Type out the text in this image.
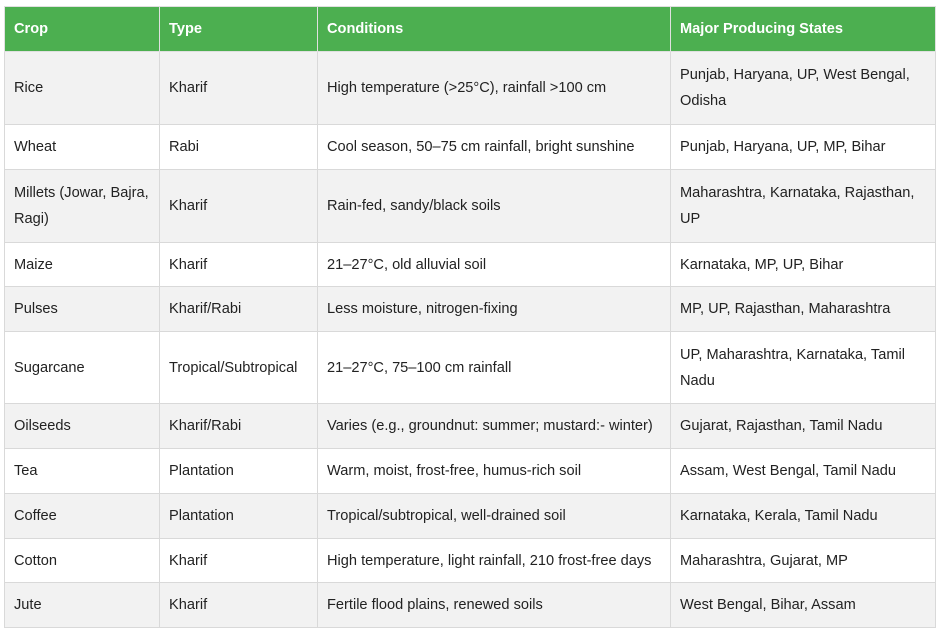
Crop	Type	Conditions	Major Producing States
Rice	Kharif	High temperature (>25°C), rainfall >100 cm	Punjab, Haryana, UP, West Bengal, Odisha
Wheat	Rabi	Cool season, 50–75 cm rainfall, bright sunshine	Punjab, Haryana, UP, MP, Bihar
Millets (Jowar, Bajra, Ragi)	Kharif	Rain-fed, sandy/black soils	Maharashtra, Karnataka, Rajasthan, UP
Maize	Kharif	21–27°C, old alluvial soil	Karnataka, MP, UP, Bihar
Pulses	Kharif/Rabi	Less moisture, nitrogen-fixing	MP, UP, Rajasthan, Maharashtra
Sugarcane	Tropical/Subtropical	21–27°C, 75–100 cm rainfall	UP, Maharashtra, Karnataka, Tamil Nadu
Oilseeds	Kharif/Rabi	Varies (e.g., groundnut: summer; mustard:- winter)	Gujarat, Rajasthan, Tamil Nadu
Tea	Plantation	Warm, moist, frost-free, humus-rich soil	Assam, West Bengal, Tamil Nadu
Coffee	Plantation	Tropical/subtropical, well-drained soil	Karnataka, Kerala, Tamil Nadu
Cotton	Kharif	High temperature, light rainfall, 210 frost-free days	Maharashtra, Gujarat, MP
Jute	Kharif	Fertile flood plains, renewed soils	West Bengal, Bihar, Assam
